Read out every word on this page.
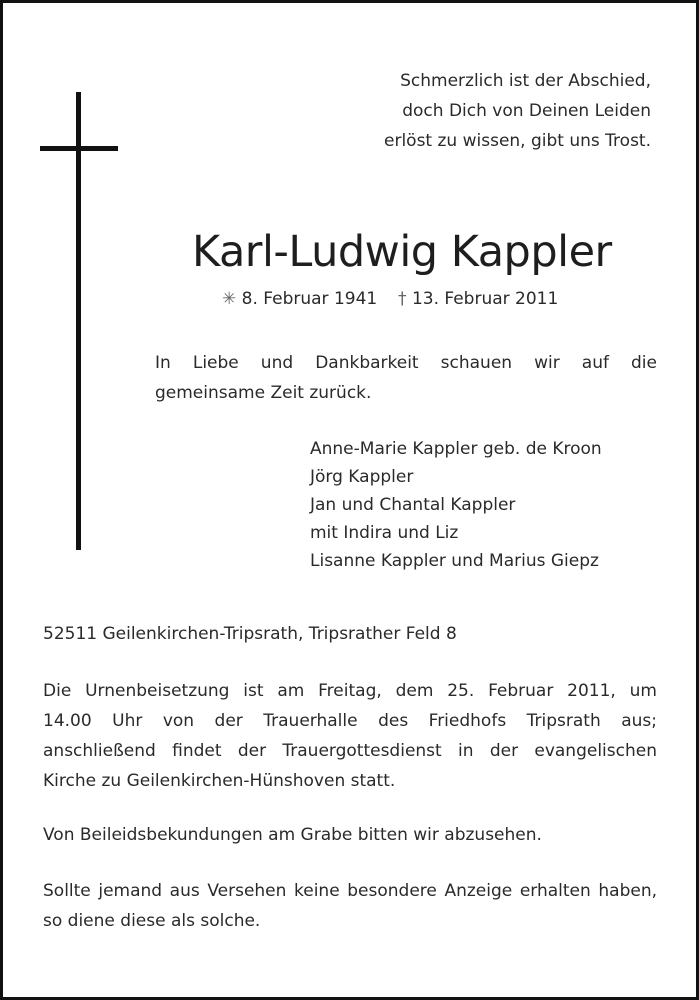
Schmerzlich ist der Abschied,
doch Dich von Deinen Leiden
erlöst zu wissen, gibt uns Trost.
Karl-Ludwig Kappler
✳ 8. Februar 1941 † 13. Februar 2011
In Liebe und Dankbarkeit schauen wir auf die
gemeinsame Zeit zurück.
Anne-Marie Kappler geb. de Kroon
Jörg Kappler
Jan und Chantal Kappler
mit Indira und Liz
Lisanne Kappler und Marius Giepz
52511 Geilenkirchen-Tripsrath, Tripsrather Feld 8
Die Urnenbeisetzung ist am Freitag, dem 25. Februar 2011, um
14.00 Uhr von der Trauerhalle des Friedhofs Tripsrath aus;
anschließend findet der Trauergottesdienst in der evangelischen
Kirche zu Geilenkirchen-Hünshoven statt.
Von Beileidsbekundungen am Grabe bitten wir abzusehen.
Sollte jemand aus Versehen keine besondere Anzeige erhalten haben,
so diene diese als solche.
